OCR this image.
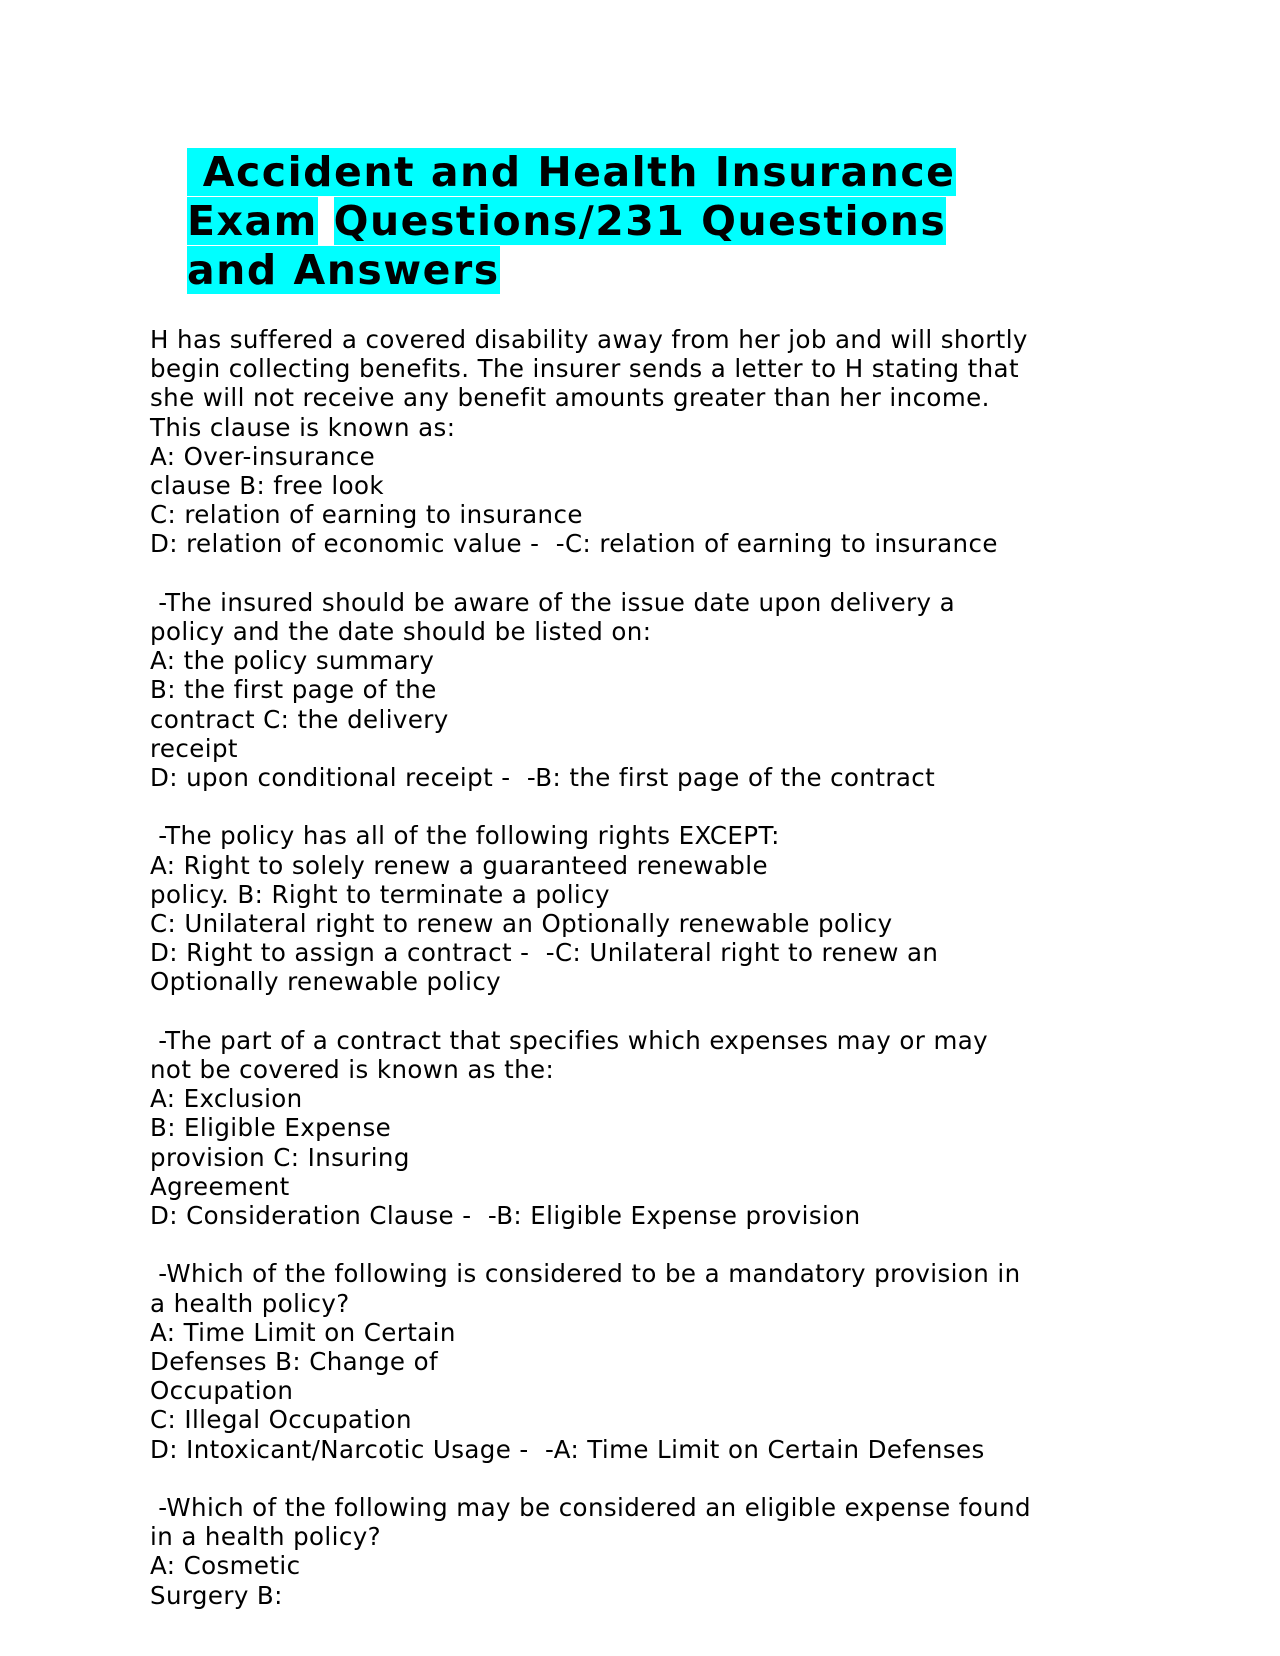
Accident and Health Insurance
Exam Questions/231 Questions
and Answers
H has suffered a covered disability away from her job and will shortly
begin collecting benefits. The insurer sends a letter to H stating that
she will not receive any benefit amounts greater than her income.
This clause is known as:
A: Over-insurance
clause B: free look
C: relation of earning to insurance
D: relation of economic value -  -C: relation of earning to insurance
-The insured should be aware of the issue date upon delivery a
policy and the date should be listed on:
A: the policy summary
B: the first page of the
contract C: the delivery
receipt
D: upon conditional receipt -  -B: the first page of the contract
-The policy has all of the following rights EXCEPT:
A: Right to solely renew a guaranteed renewable
policy. B: Right to terminate a policy
C: Unilateral right to renew an Optionally renewable policy
D: Right to assign a contract -  -C: Unilateral right to renew an
Optionally renewable policy
-The part of a contract that specifies which expenses may or may
not be covered is known as the:
A: Exclusion
B: Eligible Expense
provision C: Insuring
Agreement
D: Consideration Clause -  -B: Eligible Expense provision
-Which of the following is considered to be a mandatory provision in
a health policy?
A: Time Limit on Certain
Defenses B: Change of
Occupation
C: Illegal Occupation
D: Intoxicant/Narcotic Usage -  -A: Time Limit on Certain Defenses
-Which of the following may be considered an eligible expense found
in a health policy?
A: Cosmetic
Surgery B:
